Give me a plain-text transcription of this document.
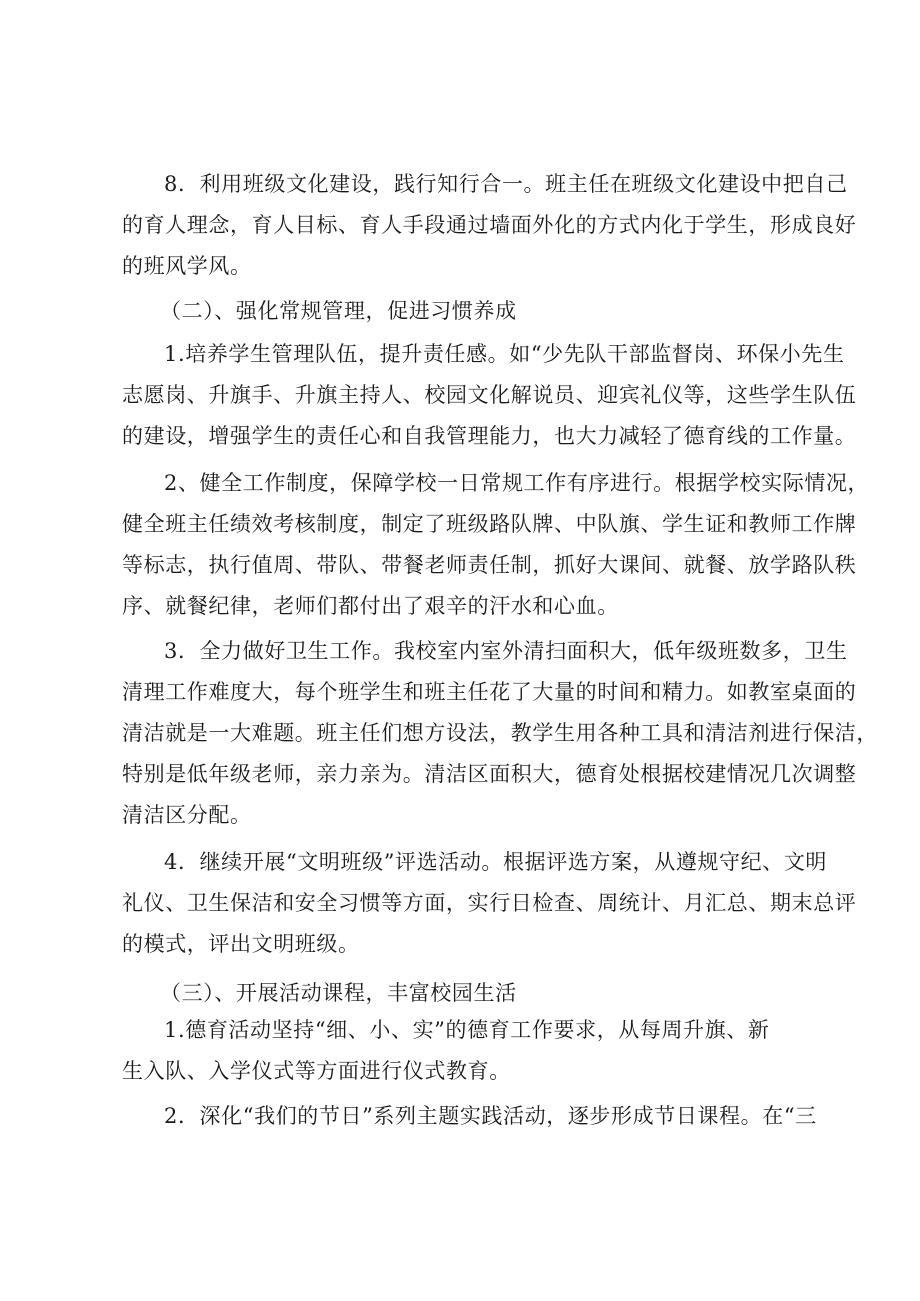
8．利用班级文化建设，践行知行合一。班主任在班级文化建设中把自己
的育人理念，育人目标、育人手段通过墙面外化的方式内化于学生，形成良好
的班风学风。
（二）、强化常规管理，促进习惯养成
1.培养学生管理队伍，提升责任感。如“少先队干部监督岗、环保小先生
志愿岗、升旗手、升旗主持人、校园文化解说员、迎宾礼仪等，这些学生队伍
的建设，增强学生的责任心和自我管理能力，也大力减轻了德育线的工作量。
2、健全工作制度，保障学校一日常规工作有序进行。根据学校实际情况，
健全班主任绩效考核制度，制定了班级路队牌、中队旗、学生证和教师工作牌
等标志，执行值周、带队、带餐老师责任制，抓好大课间、就餐、放学路队秩
序、就餐纪律，老师们都付出了艰辛的汗水和心血。
3．全力做好卫生工作。我校室内室外清扫面积大，低年级班数多，卫生
清理工作难度大，每个班学生和班主任花了大量的时间和精力。如教室桌面的
清洁就是一大难题。班主任们想方设法，教学生用各种工具和清洁剂进行保洁，
特别是低年级老师，亲力亲为。清洁区面积大，德育处根据校建情况几次调整
清洁区分配。
4．继续开展“文明班级”评选活动。根据评选方案，从遵规守纪、文明
礼仪、卫生保洁和安全习惯等方面，实行日检查、周统计、月汇总、期末总评
的模式，评出文明班级。
（三）、开展活动课程，丰富校园生活
1.德育活动坚持“细、小、实”的德育工作要求，从每周升旗、新
生入队、入学仪式等方面进行仪式教育。
2．深化“我们的节日”系列主题实践活动，逐步形成节日课程。在“三
